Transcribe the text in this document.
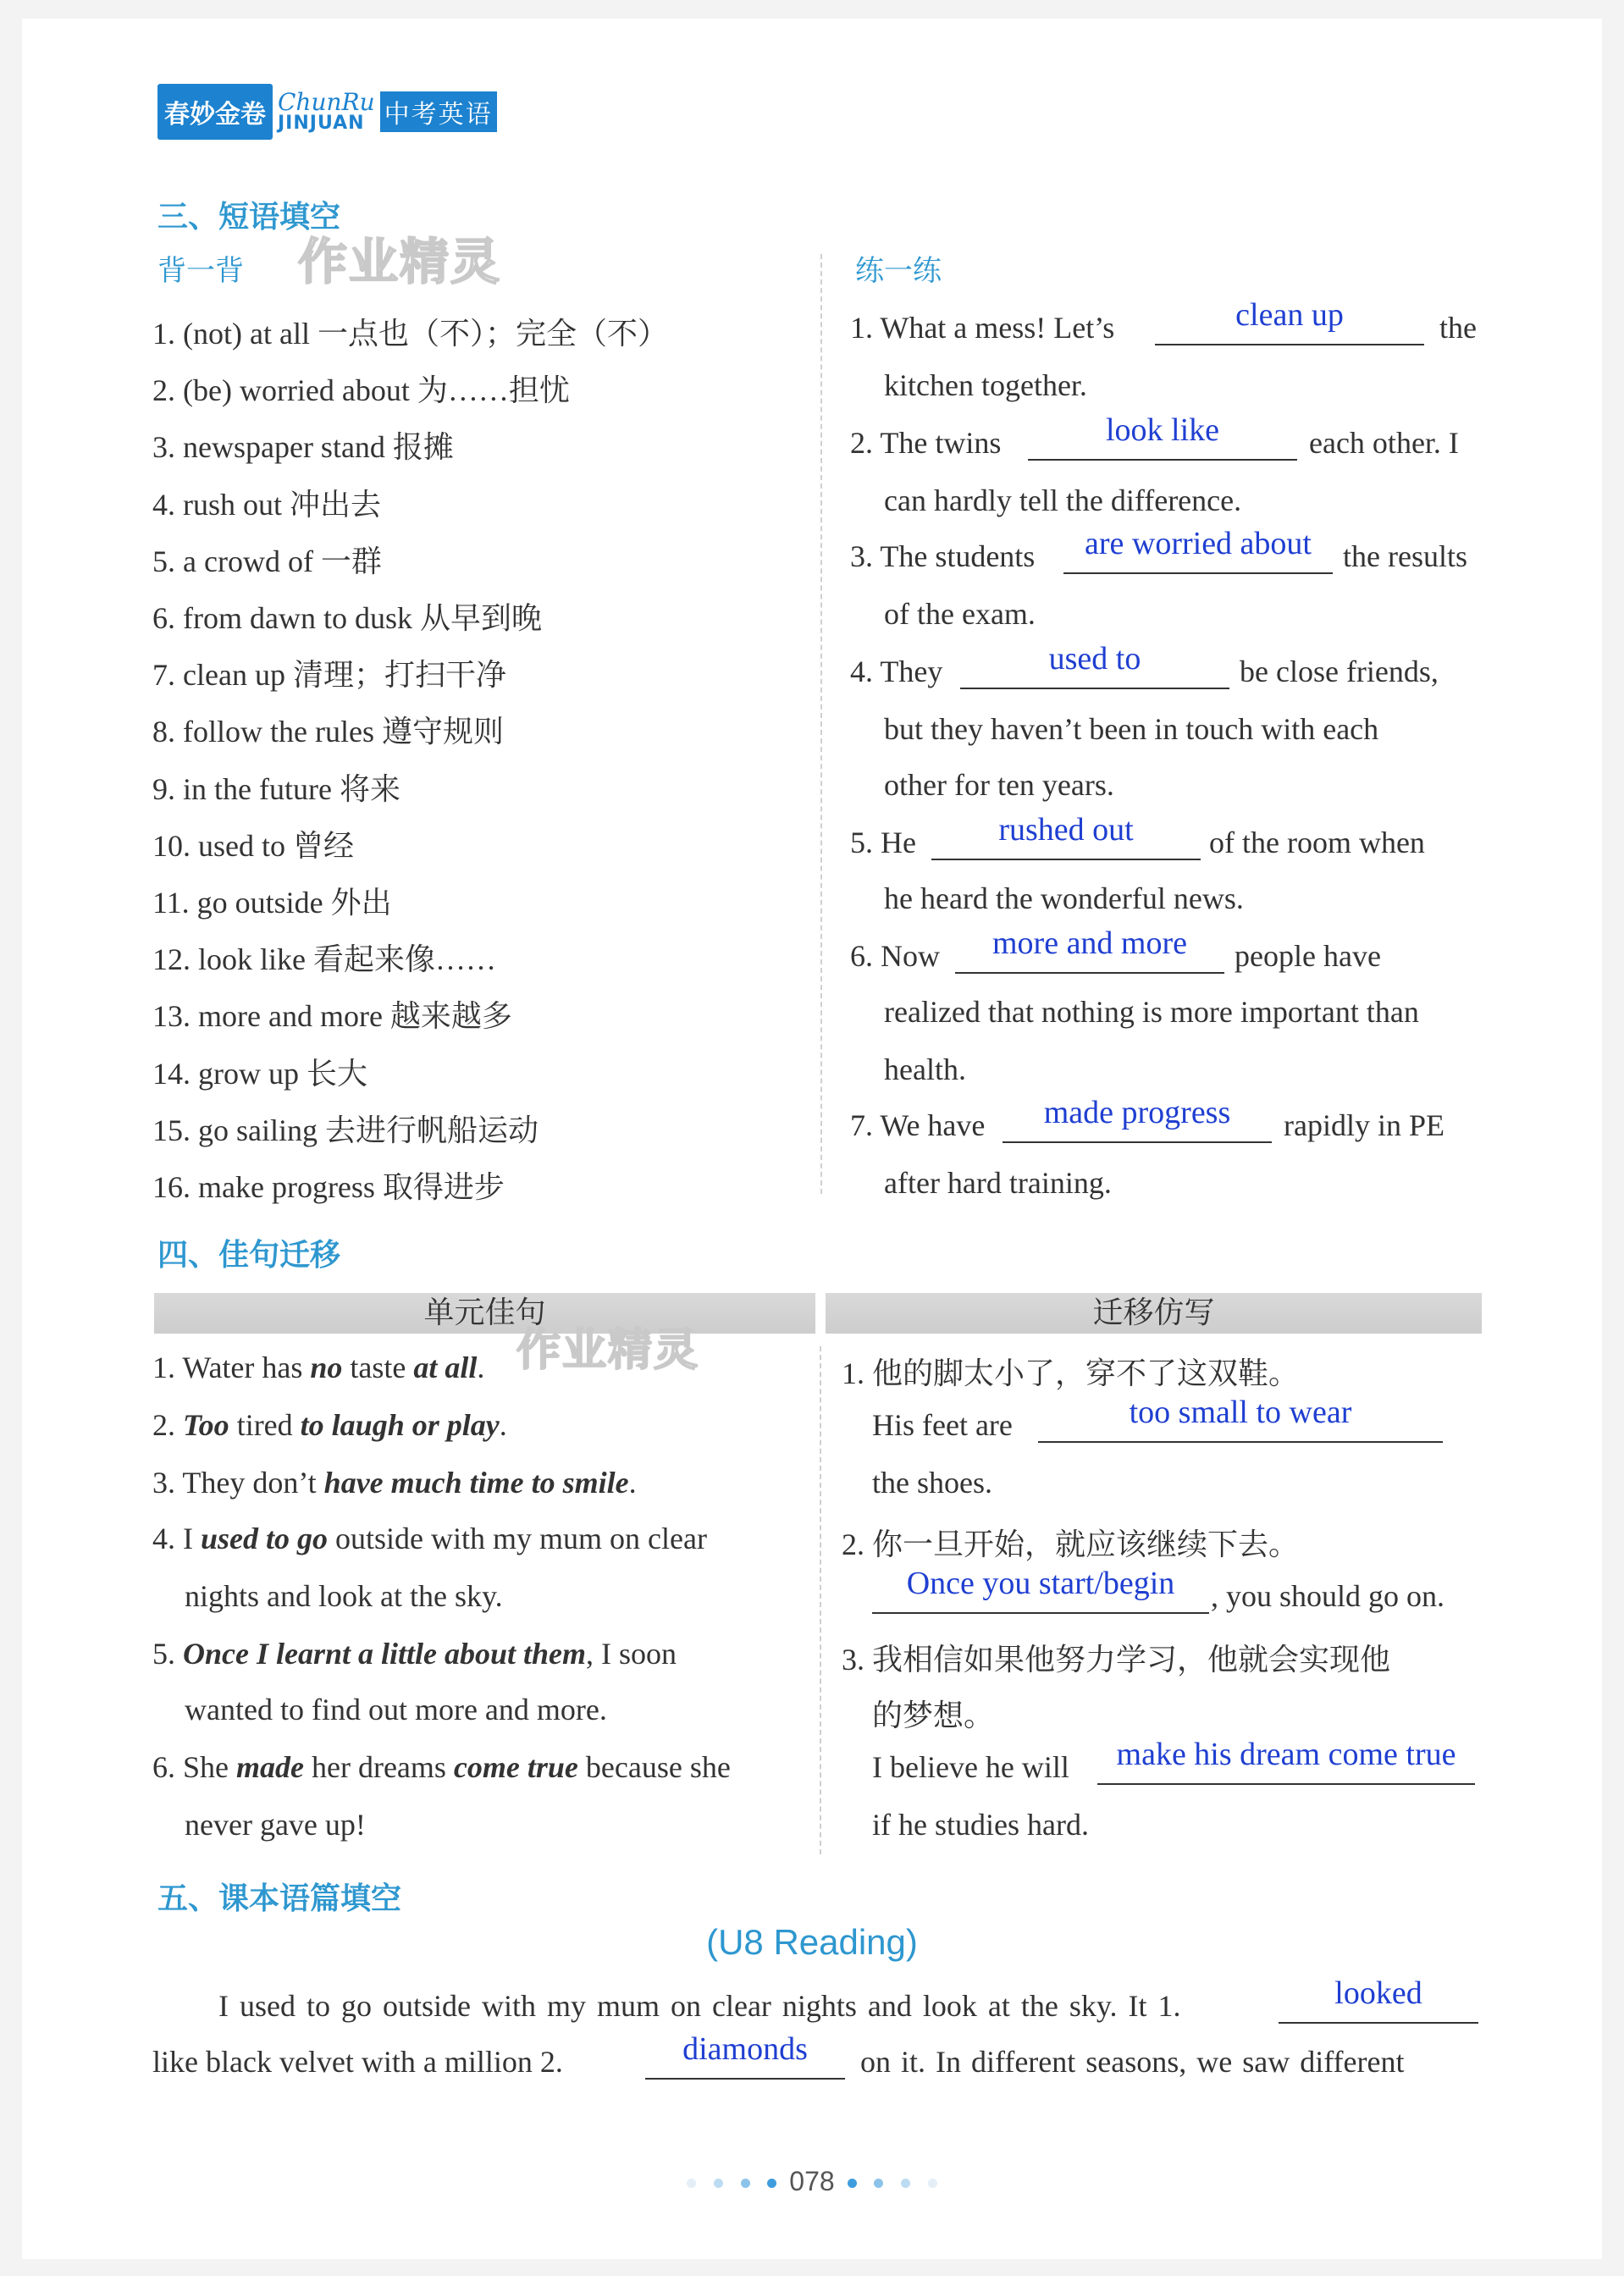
春妙金卷 ChunRu
JINJUAN 中考英语
三、短语填空
背一背 作业精灵	练一练
1. (not) at all 一点也（不）；完全（不）
2. (be) worried about 为……担忧
3. newspaper stand 报摊
4. rush out 冲出去
5. a crowd of 一群
6. from dawn to dusk 从早到晚
7. clean up 清理；打扫干净
8. follow the rules 遵守规则
9. in the future 将来
10. used to 曾经
11. go outside 外出
12. look like 看起来像……
13. more and more 越来越多
14. grow up 长大
15. go sailing 去进行帆船运动
16. make progress 取得进步
1. What a mess! Let’s	clean up	the
kitchen together.
2. The twins	look like	each other. I
can hardly tell the difference.
3. The students	are worried about	the results
of the exam.
4. They	used to	be close friends,
but they haven’t been in touch with each
other for ten years.
5. He	rushed out	of the room when
he heard the wonderful news.
6. Now	more and more	people have
realized that nothing is more important than
health.
7. We have	made progress	rapidly in PE
after hard training.
四、佳句迁移
单元佳句	迁移仿写
作业精灵
1. Water has no taste at all.
2. Too tired to laugh or play.
3. They don’t have much time to smile.
4. I used to go outside with my mum on clear
nights and look at the sky.
5. Once I learnt a little about them, I soon
wanted to find out more and more.
6. She made her dreams come true because she
never gave up!
1. 他的脚太小了，穿不了这双鞋。
His feet are	too small to wear
the shoes.
2. 你一旦开始，就应该继续下去。
Once you start/begin	, you should go on.
3. 我相信如果他努力学习，他就会实现他
的梦想。
I believe he will	make his dream come true
if he studies hard.
五、课本语篇填空
(U8 Reading)
I used to go outside with my mum on clear nights and look at the sky. It 1.	looked
like black velvet with a million 2.	diamonds	on it. In different seasons, we saw different
078
